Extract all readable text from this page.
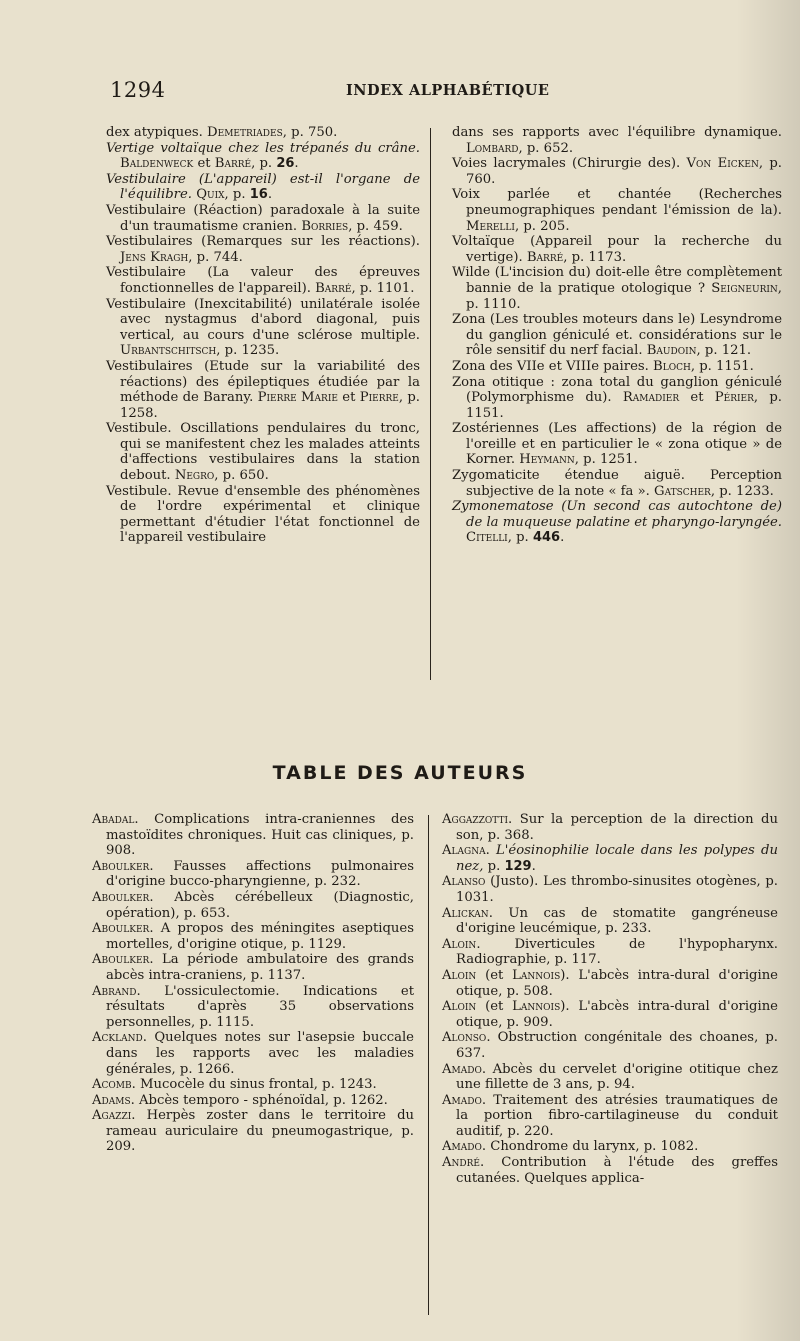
1294	INDEX ALPHABÉTIQUE
dex atypiques. Demetriades, p. 750.
Vertige voltaïque chez les trépanés du crâne. Baldenweck et Barré, p. 26.
Vestibulaire (L'appareil) est-il l'organe de l'équilibre. Quix, p. 16.
Vestibulaire (Réaction) paradoxale à la suite d'un traumatisme cranien. Borries, p. 459.
Vestibulaires (Remarques sur les réactions). Jens Kragh, p. 744.
Vestibulaire (La valeur des épreuves fonctionnelles de l'appareil). Barré, p. 1101.
Vestibulaire (Inexcitabilité) unilatérale isolée avec nystagmus d'abord diagonal, puis vertical, au cours d'une sclérose multiple. Urbantschitsch, p. 1235.
Vestibulaires (Etude sur la variabilité des réactions) des épileptiques étudiée par la méthode de Barany. Pierre Marie et Pierre, p. 1258.
Vestibule. Oscillations pendulaires du tronc, qui se manifestent chez les malades atteints d'affections vestibulaires dans la station debout. Negro, p. 650.
Vestibule. Revue d'ensemble des phénomènes de l'ordre expérimental et clinique permettant d'étudier l'état fonctionnel de l'appareil vestibulaire
dans ses rapports avec l'équilibre dynamique. Lombard, p. 652.
Voies lacrymales (Chirurgie des). Von Eicken, p. 760.
Voix parlée et chantée (Recherches pneumographiques pendant l'émission de la). Merelli, p. 205.
Voltaïque (Appareil pour la recherche du vertige). Barré, p. 1173.
Wilde (L'incision du) doit-elle être complètement bannie de la pratique otologique ? Seigneurin, p. 1110.
Zona (Les troubles moteurs dans le) Lesyndrome du ganglion géniculé et. considérations sur le rôle sensitif du nerf facial. Baudoin, p. 121.
Zona des VIIe et VIIIe paires. Bloch, p. 1151.
Zona otitique : zona total du ganglion géniculé (Polymorphisme du). Ramadier et Périer, p. 1151.
Zostériennes (Les affections) de la région de l'oreille et en particulier le « zona otique » de Korner. Heymann, p. 1251.
Zygomaticite étendue aiguë. Perception subjective de la note « fa ». Gatscher, p. 1233.
Zymonematose (Un second cas autochtone de) de la muqueuse palatine et pharyngo-laryngée. Citelli, p. 446.
TABLE DES AUTEURS
Abadal. Complications intra-craniennes des mastoïdites chroniques. Huit cas cliniques, p. 908.
Aboulker. Fausses affections pulmonaires d'origine bucco-pharyngienne, p. 232.
Aboulker. Abcès cérébelleux (Diagnostic, opération), p. 653.
Aboulker. A propos des méningites aseptiques mortelles, d'origine otique, p. 1129.
Aboulker. La période ambulatoire des grands abcès intra-craniens, p. 1137.
Abrand. L'ossiculectomie. Indications et résultats d'après 35 observations personnelles, p. 1115.
Ackland. Quelques notes sur l'asepsie buccale dans les rapports avec les maladies générales, p. 1266.
Acomb. Mucocèle du sinus frontal, p. 1243.
Adams. Abcès temporo - sphénoïdal, p. 1262.
Agazzi. Herpès zoster dans le territoire du rameau auriculaire du pneumogastrique, p. 209.
Aggazzotti. Sur la perception de la direction du son, p. 368.
Alagna. L'éosinophilie locale dans les polypes du nez, p. 129.
Alanso (Justo). Les thrombo-sinusites otogènes, p. 1031.
Alickan. Un cas de stomatite gangréneuse d'origine leucémique, p. 233.
Aloin. Diverticules de l'hypopharynx. Radiographie, p. 117.
Aloin (et Lannois). L'abcès intra-dural d'origine otique, p. 508.
Aloin (et Lannois). L'abcès intra-dural d'origine otique, p. 909.
Alonso. Obstruction congénitale des choanes, p. 637.
Amado. Abcès du cervelet d'origine otitique chez une fillette de 3 ans, p. 94.
Amado. Traitement des atrésies traumatiques de la portion fibro-cartilagineuse du conduit auditif, p. 220.
Amado. Chondrome du larynx, p. 1082.
André. Contribution à l'étude des greffes cutanées. Quelques applica-
